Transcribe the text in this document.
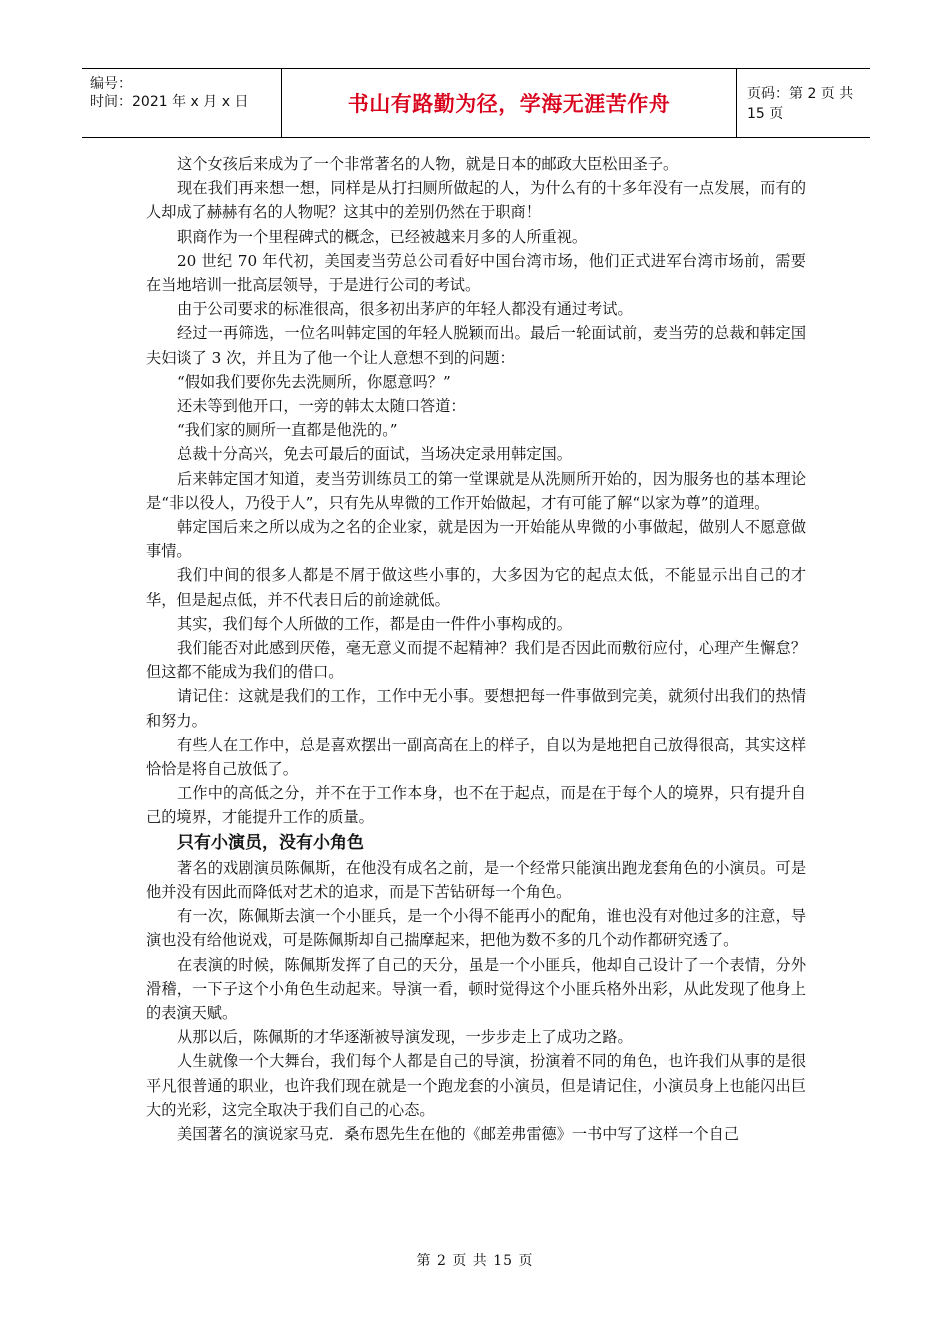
编号：
时间：2021 年 x 月 x 日	书山有路勤为径，学海无涯苦作舟	页码：第 2 页 共 15 页

这个女孩后来成为了一个非常著名的人物，就是日本的邮政大臣松田圣子。

现在我们再来想一想，同样是从打扫厕所做起的人，为什么有的十多年没有一点发展，而有的人却成了赫赫有名的人物呢？这其中的差别仍然在于职商！

职商作为一个里程碑式的概念，已经被越来月多的人所重视。

20 世纪 70 年代初，美国麦当劳总公司看好中国台湾市场，他们正式进军台湾市场前，需要在当地培训一批高层领导，于是进行公司的考试。

由于公司要求的标准很高，很多初出茅庐的年轻人都没有通过考试。

经过一再筛选，一位名叫韩定国的年轻人脱颖而出。最后一轮面试前，麦当劳的总裁和韩定国夫妇谈了 3 次，并且为了他一个让人意想不到的问题：

“假如我们要你先去洗厕所，你愿意吗？”

还未等到他开口，一旁的韩太太随口答道：

“我们家的厕所一直都是他洗的。”

总裁十分高兴，免去可最后的面试，当场决定录用韩定国。

后来韩定国才知道，麦当劳训练员工的第一堂课就是从洗厕所开始的，因为服务也的基本理论是“非以役人，乃役于人”，只有先从卑微的工作开始做起，才有可能了解“以家为尊”的道理。

韩定国后来之所以成为之名的企业家，就是因为一开始能从卑微的小事做起，做别人不愿意做事情。

我们中间的很多人都是不屑于做这些小事的，大多因为它的起点太低，不能显示出自己的才华，但是起点低，并不代表日后的前途就低。

其实，我们每个人所做的工作，都是由一件件小事构成的。

我们能否对此感到厌倦，毫无意义而提不起精神？我们是否因此而敷衍应付，心理产生懈怠？但这都不能成为我们的借口。

请记住：这就是我们的工作，工作中无小事。要想把每一件事做到完美，就须付出我们的热情和努力。

有些人在工作中，总是喜欢摆出一副高高在上的样子，自以为是地把自己放得很高，其实这样恰恰是将自己放低了。

工作中的高低之分，并不在于工作本身，也不在于起点，而是在于每个人的境界，只有提升自己的境界，才能提升工作的质量。

只有小演员，没有小角色

著名的戏剧演员陈佩斯，在他没有成名之前，是一个经常只能演出跑龙套角色的小演员。可是他并没有因此而降低对艺术的追求，而是下苦钻研每一个角色。

有一次，陈佩斯去演一个小匪兵，是一个小得不能再小的配角，谁也没有对他过多的注意，导演也没有给他说戏，可是陈佩斯却自己揣摩起来，把他为数不多的几个动作都研究透了。

在表演的时候，陈佩斯发挥了自己的天分，虽是一个小匪兵，他却自己设计了一个表情，分外滑稽，一下子这个小角色生动起来。导演一看，顿时觉得这个小匪兵格外出彩，从此发现了他身上的表演天赋。

从那以后，陈佩斯的才华逐渐被导演发现，一步步走上了成功之路。

人生就像一个大舞台，我们每个人都是自己的导演，扮演着不同的角色，也许我们从事的是很平凡很普通的职业，也许我们现在就是一个跑龙套的小演员，但是请记住，小演员身上也能闪出巨大的光彩，这完全取决于我们自己的心态。

美国著名的演说家马克．桑布恩先生在他的《邮差弗雷德》一书中写了这样一个自己

第 2 页 共 15 页
